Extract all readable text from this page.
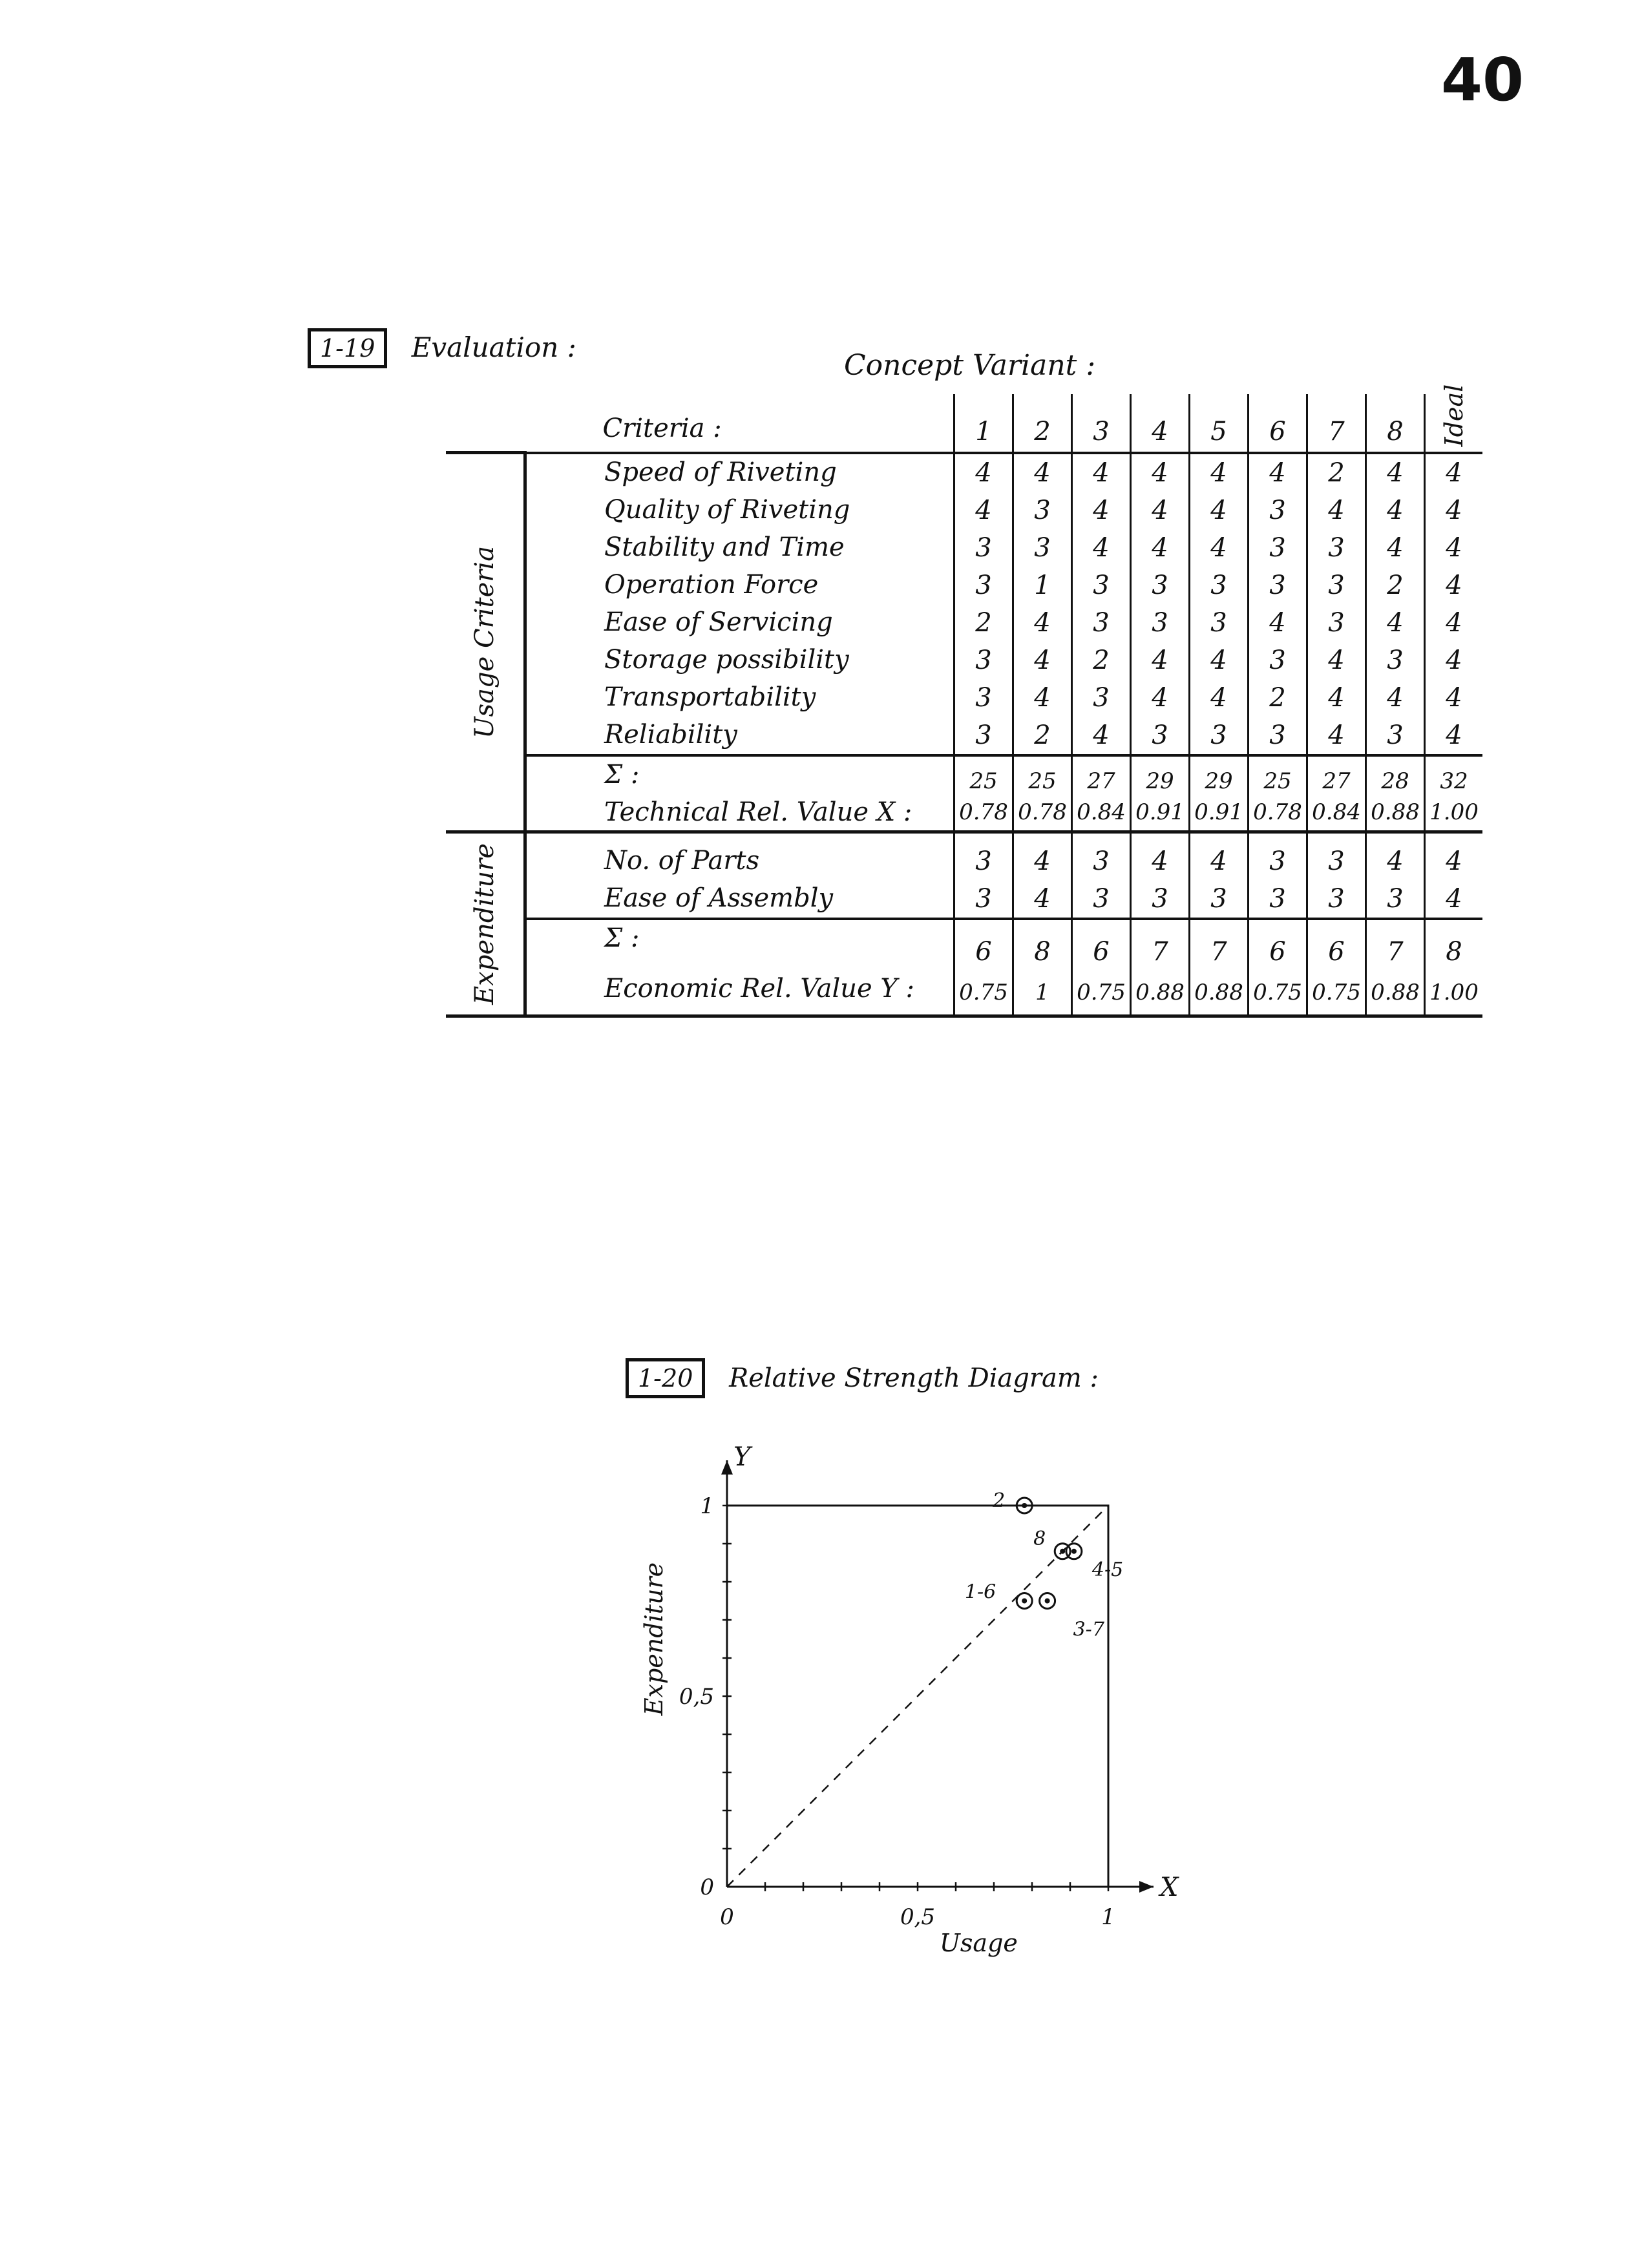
40
1-19 Evaluation :
Concept Variant :
	Criteria :	1	2	3	4	5	6	7	8	Ideal

Usage Criteria	Speed of Riveting	4	4	4	4	4	4	2	4	4
	Quality of Riveting	4	3	4	4	4	3	4	4	4
	Stability and Time	3	3	4	4	4	3	3	4	4
	Operation Force	3	1	3	3	3	3	3	2	4
	Ease of Servicing	2	4	3	3	3	4	3	4	4
	Storage possibility	3	4	2	4	4	3	4	3	4
	Transportability	3	4	3	4	4	2	4	4	4
	Reliability	3	2	4	3	3	3	4	3	4
	Σ :	25	25	27	29	29	25	27	28	32
	Technical Rel. Value X :	0.78	0.78	0.84	0.91	0.91	0.78	0.84	0.88	1.00

Expenditure	No. of Parts	3	4	3	4	4	3	3	4	4
	Ease of Assembly	3	4	3	3	3	3	3	3	4
	Σ :	6	8	6	7	7	6	6	7	8
	Economic Rel. Value Y :	0.75	1	0.75	0.88	0.88	0.75	0.75	0.88	1.00
1-20 Relative Strength Diagram :
0	0,5	1
0
0,5
1
X
Y
Usage
Expenditure
2
8
4-5
1-6
3-7
